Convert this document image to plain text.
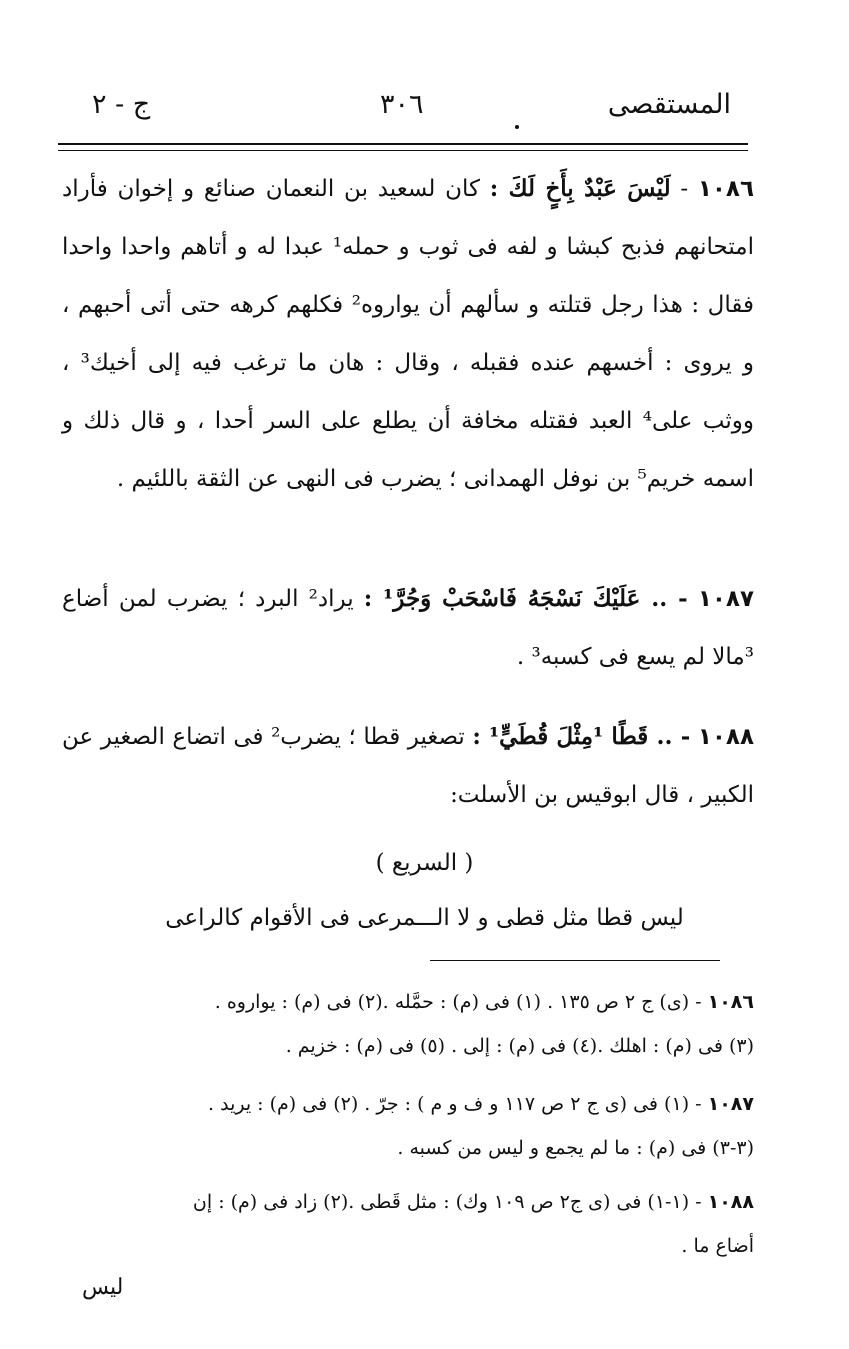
المستقصى
٣٠٦
ج - ٢
١٠٨٦ - لَيْسَ عَبْدٌ بِأَخٍ لَكَ : كان لسعيد بن النعمان صنائع و إخوان فأراد امتحانهم فذبح كبشا و لفه فى ثوب و حمله¹ عبدا له و أتاهم واحدا واحدا فقال : هذا رجل قتلته و سألهم أن يواروه² فكلهم كرهه حتى أتى أحبهم ، و يروى : أخسهم عنده فقبله ، وقال : هان ما ترغب فيه إلى أخيك³ ، ووثب على⁴ العبد فقتله مخافة أن يطلع على السر أحدا ، و قال ذلك و اسمه خريم⁵ بن نوفل الهمدانى ؛ يضرب فى النهى عن الثقة باللئيم .
١٠٨٧ - .. عَلَيْكَ نَسْجَهُ فَاسْحَبْ وَجُرَّ¹ : يراد² البرد ؛ يضرب لمن أضاع ³مالا لم يسع فى كسبه³ .
١٠٨٨ - .. قَطًا ¹مِثْلَ قُطَيٍّ¹ : تصغير قطا ؛ يضرب² فى اتضاع الصغير عن الكبير ، قال ابوقيس بن الأسلت:
( السريع )
ليس قطا مثل قطى و لا الـــمرعى فى الأقوام كالراعى
١٠٨٦ - (ى) ج ٢ ص ١٣٥ . (١) فى (م) : حمَّله .(٢) فى (م) : يواروه .
(٣) فى (م) : اهلك .(٤) فى (م) : إلى . (٥) فى (م) : خزيم .
١٠٨٧ - (١) فى (ى ج ٢ ص ١١٧ و ف و م ) : جرّ . (٢) فى (م) : يريد .
(٣-٣) فى (م) : ما لم يجمع و ليس من كسبه .
١٠٨٨ - (١-١) فى (ى ج٢ ص ١٠٩ وك) : مثل قَطى .(٢) زاد فى (م) : إن
أضاع ما .
ليس
